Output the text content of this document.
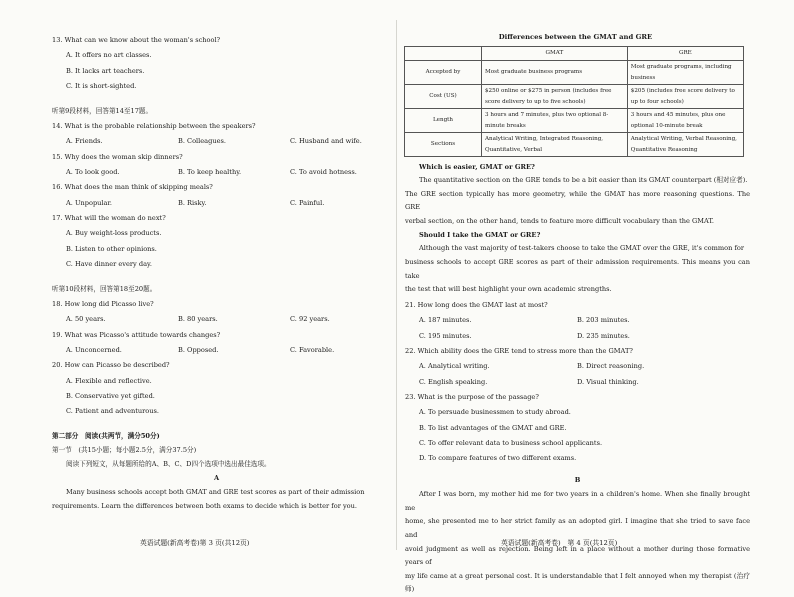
13. What can we know about the woman's school?
A. It offers no art classes.
B. It lacks art teachers.
C. It is short-sighted.
听第9段材料，回答第14至17题。
14. What is the probable relationship between the speakers?
A. Friends.	B. Colleagues.	C. Husband and wife.
15. Why does the woman skip dinners?
A. To look good.	B. To keep healthy.	C. To avoid hotness.
16. What does the man think of skipping meals?
A. Unpopular.	B. Risky.	C. Painful.
17. What will the woman do next?
A. Buy weight-loss products.
B. Listen to other opinions.
C. Have dinner every day.
听第10段材料，回答第18至20题。
18. How long did Picasso live?
A. 50 years.	B. 80 years.	C. 92 years.
19. What was Picasso's attitude towards changes?
A. Unconcerned.	B. Opposed.	C. Favorable.
20. How can Picasso be described?
A. Flexible and reflective.
B. Conservative yet gifted.
C. Patient and adventurous.
第二部分　阅读(共两节，满分50分)
第一节　(共15小题；每小题2.5分，满分37.5分)
阅读下列短文，从每题所给的A、B、C、D四个选项中选出最佳选项。
A
Many business schools accept both GMAT and GRE test scores as part of their admission
requirements. Learn the differences between both exams to decide which is better for you.
英语试题(新高考卷)第 3 页(共12页)
Differences between the GMAT and GRE
	GMAT	GRE
Accepted by	Most graduate business programs	Most graduate programs, including business
Cost (US)	$250 online or $275 in person (includes free score delivery to up to five schools)	$205 (includes free score delivery to up to four schools)
Length	3 hours and 7 minutes, plus two optional 8-minute breaks	3 hours and 45 minutes, plus one optional 10-minute break
Sections	Analytical Writing, Integrated Reasoning, Quantitative, Verbal	Analytical Writing, Verbal Reasoning, Quantitative Reasoning
Which is easier, GMAT or GRE?
The quantitative section on the GRE tends to be a bit easier than its GMAT counterpart (相对应者).
The GRE section typically has more geometry, while the GMAT has more reasoning questions. The GRE
verbal section, on the other hand, tends to feature more difficult vocabulary than the GMAT.
Should I take the GMAT or GRE?
Although the vast majority of test-takers choose to take the GMAT over the GRE, it's common for
business schools to accept GRE scores as part of their admission requirements. This means you can take
the test that will best highlight your own academic strengths.
21. How long does the GMAT last at most?
A. 187 minutes.	B. 203 minutes.
C. 195 minutes.	D. 235 minutes.
22. Which ability does the GRE tend to stress more than the GMAT?
A. Analytical writing.	B. Direct reasoning.
C. English speaking.	D. Visual thinking.
23. What is the purpose of the passage?
A. To persuade businessmen to study abroad.
B. To list advantages of the GMAT and GRE.
C. To offer relevant data to business school applicants.
D. To compare features of two different exams.
B
After I was born, my mother hid me for two years in a children's home. When she finally brought me
home, she presented me to her strict family as an adopted girl. I imagine that she tried to save face and
avoid judgment as well as rejection. Being left in a place without a mother during those formative years of
my life came at a great personal cost. It is understandable that I felt annoyed when my therapist (治疗师)
英语试题(新高考卷)　第 4 页(共12页)
